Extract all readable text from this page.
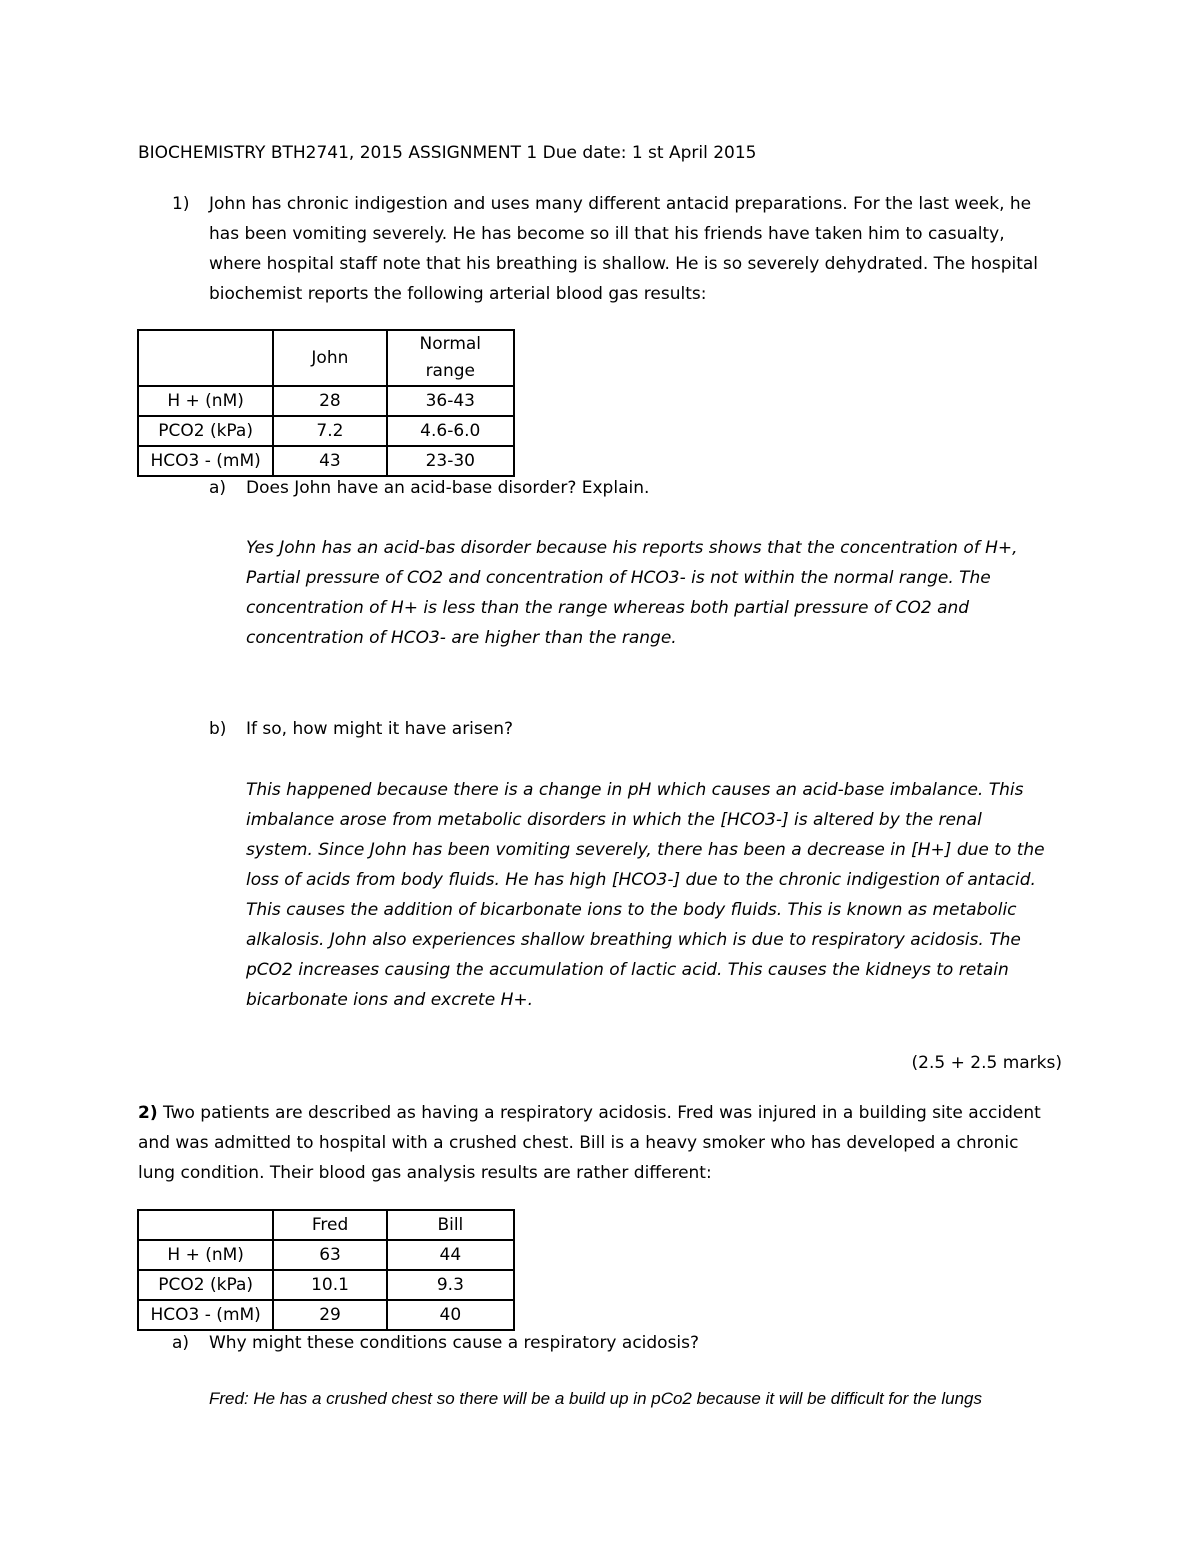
BIOCHEMISTRY BTH2741, 2015 ASSIGNMENT 1 Due date: 1 st April 2015
1) John has chronic indigestion and uses many different antacid preparations. For the last week, he
has been vomiting severely. He has become so ill that his friends have taken him to casualty,
where hospital staff note that his breathing is shallow. He is so severely dehydrated. The hospital
biochemist reports the following arterial blood gas results:
	John	Normal
range

H + (nM)	28	36-43
PCO2 (kPa)	7.2	4.6-6.0
HCO3 - (mM)	43	23-30
a) Does John have an acid-base disorder? Explain.
Yes John has an acid-bas disorder because his reports shows that the concentration of H+,
Partial pressure of CO2 and concentration of HCO3- is not within the normal range. The
concentration of H+ is less than the range whereas both partial pressure of CO2 and
concentration of HCO3- are higher than the range.
b) If so, how might it have arisen?
This happened because there is a change in pH which causes an acid-base imbalance. This
imbalance arose from metabolic disorders in which the [HCO3-] is altered by the renal
system. Since John has been vomiting severely, there has been a decrease in [H+] due to the
loss of acids from body fluids. He has high [HCO3-] due to the chronic indigestion of antacid.
This causes the addition of bicarbonate ions to the body fluids. This is known as metabolic
alkalosis. John also experiences shallow breathing which is due to respiratory acidosis. The
pCO2 increases causing the accumulation of lactic acid. This causes the kidneys to retain
bicarbonate ions and excrete H+.
(2.5 + 2.5 marks)
2) Two patients are described as having a respiratory acidosis. Fred was injured in a building site accident
and was admitted to hospital with a crushed chest. Bill is a heavy smoker who has developed a chronic
lung condition. Their blood gas analysis results are rather different:
	Fred	Bill
H + (nM)	63	44
PCO2 (kPa)	10.1	9.3
HCO3 - (mM)	29	40
a) Why might these conditions cause a respiratory acidosis?
Fred: He has a crushed chest so there will be a build up in pCo2 because it will be difficult for the lungs
